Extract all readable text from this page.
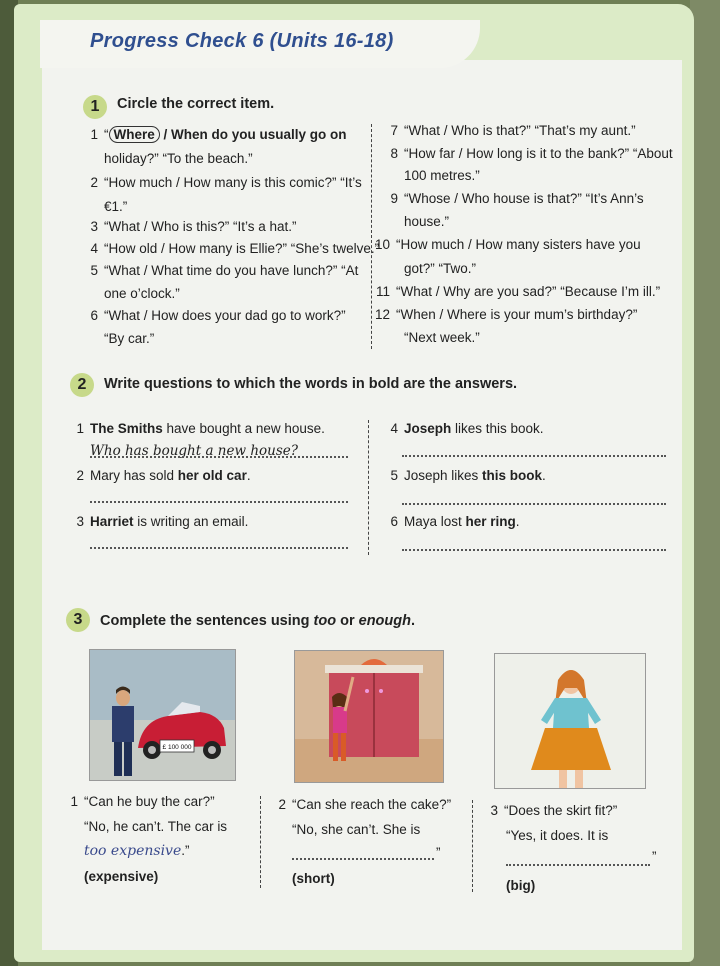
Progress Check 6 (Units 16-18)
1	Circle the correct item.
1 “ Where / When do you usually go on
holiday?” “To the beach.”
2 “How much / How many is this comic?” “It’s
€1.”
3 “What / Who is this?” “It’s a hat.”
4 “How old / How many is Ellie?” “She’s twelve.”
5 “What / What time do you have lunch?” “At
one o’clock.”
6 “What / How does your dad go to work?”
“By car.”
7 “What / Who is that?” “That’s my aunt.”
8 “How far / How long is it to the bank?” “About
100 metres.”
9 “Whose / Who house is that?” “It’s Ann’s
house.”
10 “How much / How many sisters have you
got?” “Two.”
11 “What / Why are you sad?” “Because I’m ill.”
12 “When / Where is your mum’s birthday?”
“Next week.”
2	Write questions to which the words in bold are the answers.
1 The Smiths have bought a new house.
Who has bought a new house?
2 Mary has sold her old car.
3 Harriet is writing an email.
4 Joseph likes this book.
5 Joseph likes this book.
6 Maya lost her ring.
3	Complete the sentences using too or enough.
£ 100 000
1 “Can he buy the car?”
“No, he can’t. The car is
too expensive.”
(expensive)
2 “Can she reach the cake?”
“No, she can’t. She is
”
(short)
3 “Does the skirt fit?”
“Yes, it does. It is
”
(big)
